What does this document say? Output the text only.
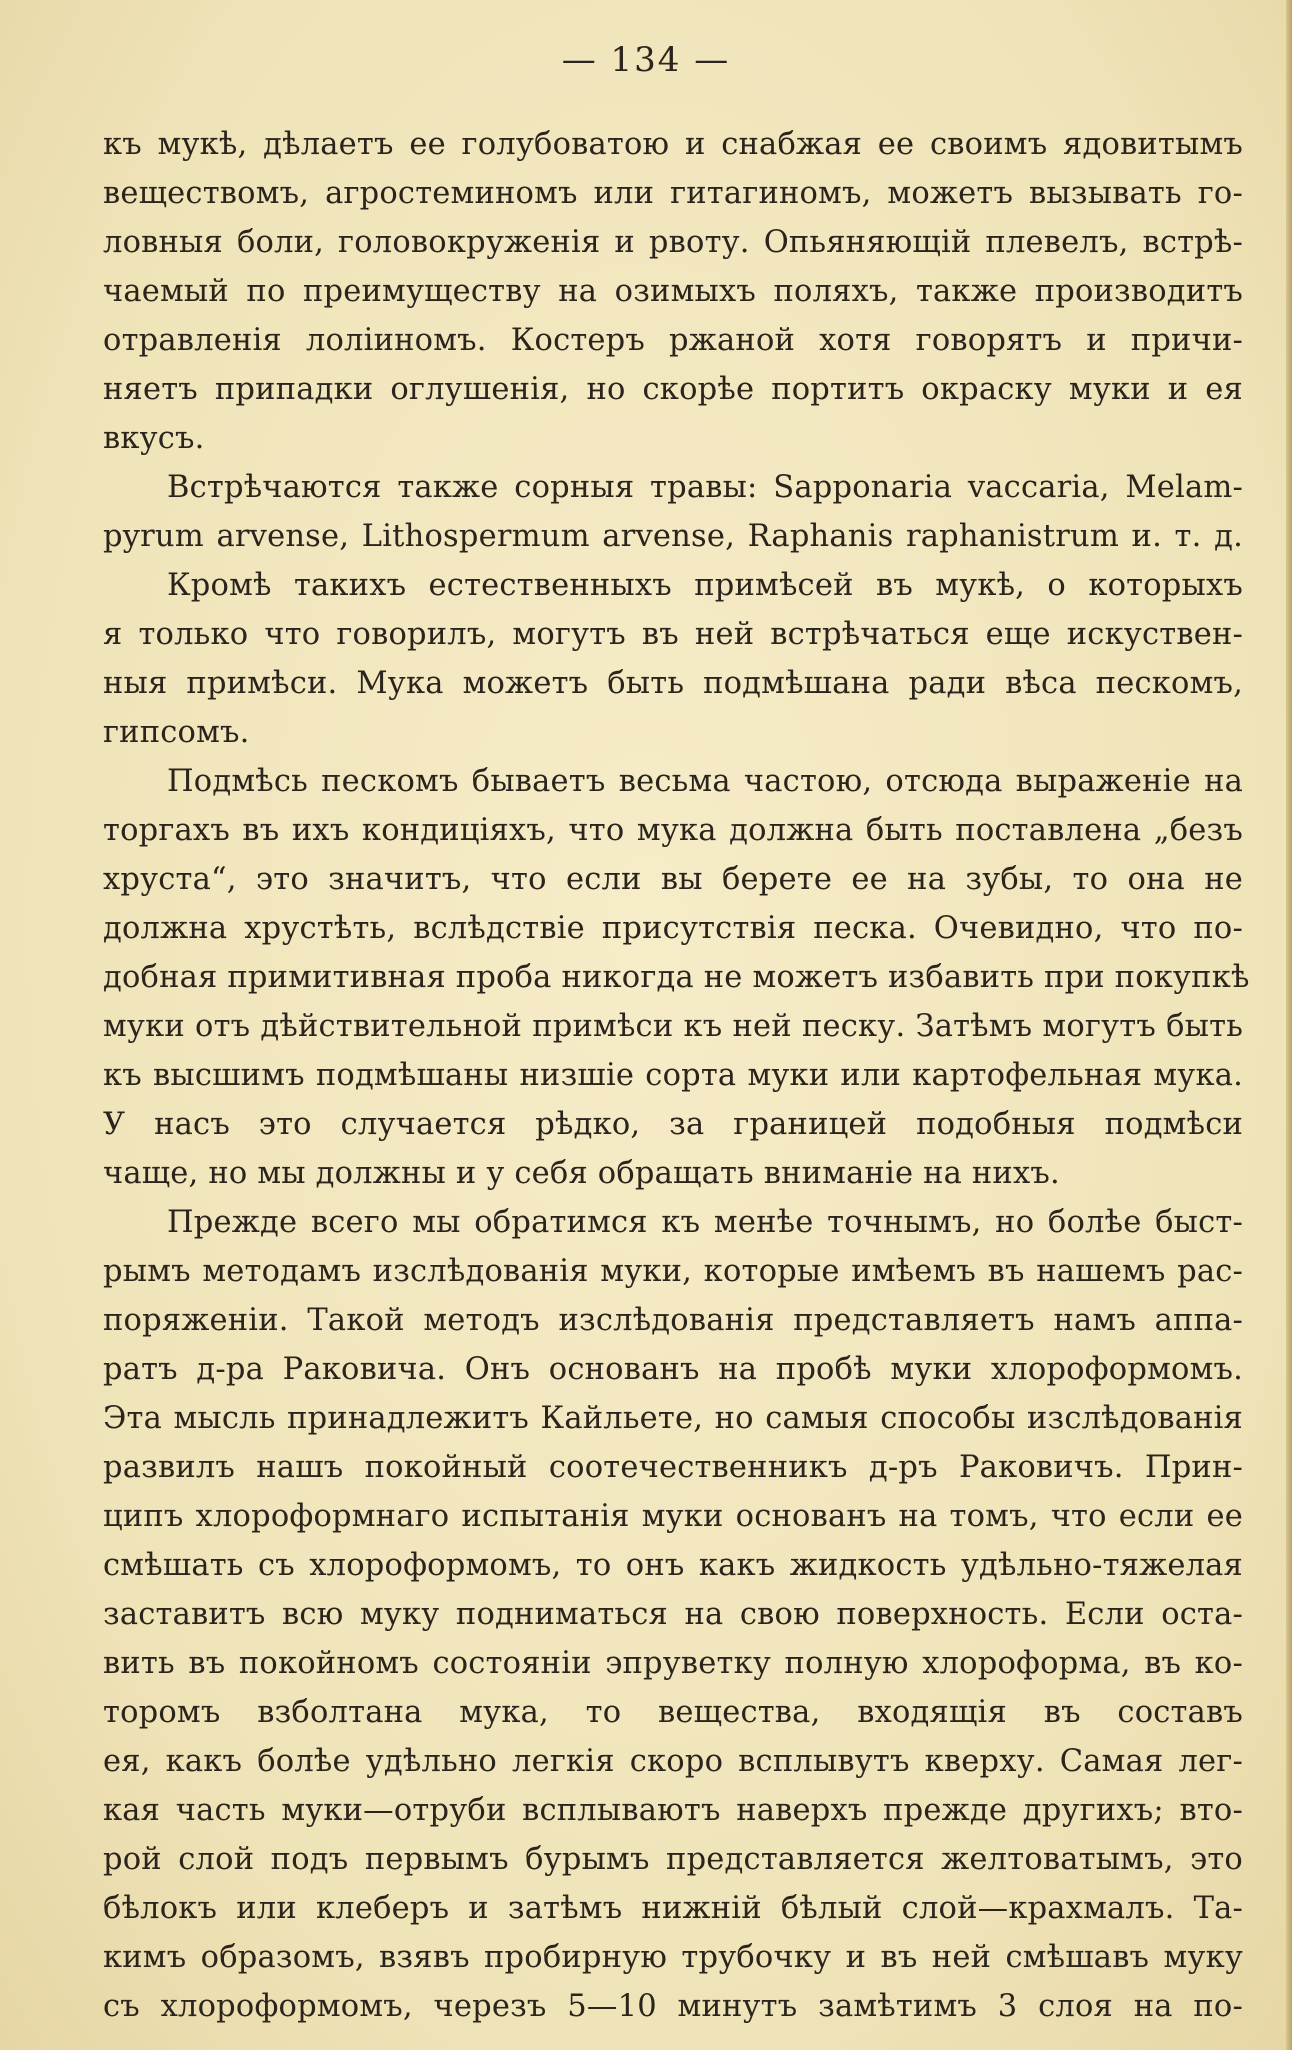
— 134 —
къ мукѣ, дѣлаетъ ее голубоватою и снабжая ее своимъ ядовитымъ
веществомъ, агростеминомъ или гитагиномъ, можетъ вызывать го-
ловныя боли, головокруженія и рвоту. Опьяняющій плевелъ, встрѣ-
чаемый по преимуществу на озимыхъ поляхъ, также производитъ
отравленія лоліиномъ. Костеръ ржаной хотя говорятъ и причи-
няетъ припадки оглушенія, но скорѣе портитъ окраску муки и ея
вкусъ.
Встрѣчаются также сорныя травы: Sapponaria vaccaria, Melam-
pyrum arvense, Lithospermum arvense, Raphanis raphanistrum и. т. д.
Кромѣ такихъ естественныхъ примѣсей въ мукѣ, о которыхъ
я только что говорилъ, могутъ въ ней встрѣчаться еще искуствен-
ныя примѣси. Мука можетъ быть подмѣшана ради вѣса пескомъ,
гипсомъ.
Подмѣсь пескомъ бываетъ весьма частою, отсюда выраженіе на
торгахъ въ ихъ кондиціяхъ, что мука должна быть поставлена „безъ
хруста“, это значитъ, что если вы берете ее на зубы, то она не
должна хрустѣть, вслѣдствіе присутствія песка. Очевидно, что по-
добная примитивная проба никогда не можетъ избавить при покупкѣ
муки отъ дѣйствительной примѣси къ ней песку. Затѣмъ могутъ быть
къ высшимъ подмѣшаны низшіе сорта муки или картофельная мука.
У насъ это случается рѣдко, за границей подобныя подмѣси
чаще, но мы должны и у себя обращать вниманіе на нихъ.
Прежде всего мы обратимся къ менѣе точнымъ, но болѣе быст-
рымъ методамъ изслѣдованія муки, которые имѣемъ въ нашемъ рас-
поряженіи. Такой методъ изслѣдованія представляетъ намъ аппа-
ратъ д-ра Раковича. Онъ основанъ на пробѣ муки хлороформомъ.
Эта мысль принадлежитъ Кайльете, но самыя способы изслѣдованія
развилъ нашъ покойный соотечественникъ д-ръ Раковичъ. Прин-
ципъ хлороформнаго испытанія муки основанъ на томъ, что если ее
смѣшать съ хлороформомъ, то онъ какъ жидкость удѣльно-тяжелая
заставитъ всю муку подниматься на свою поверхность. Если оста-
вить въ покойномъ состояніи эпруветку полную хлороформа, въ ко-
торомъ взболтана мука, то вещества, входящія въ составъ
ея, какъ болѣе удѣльно легкія скоро всплывутъ кверху. Самая лег-
кая часть муки—отруби всплываютъ наверхъ прежде другихъ; вто-
рой слой подъ первымъ бурымъ представляется желтоватымъ, это
бѣлокъ или клеберъ и затѣмъ нижній бѣлый слой—крахмалъ. Та-
кимъ образомъ, взявъ пробирную трубочку и въ ней смѣшавъ муку
съ хлороформомъ, черезъ 5—10 минутъ замѣтимъ 3 слоя на по-
